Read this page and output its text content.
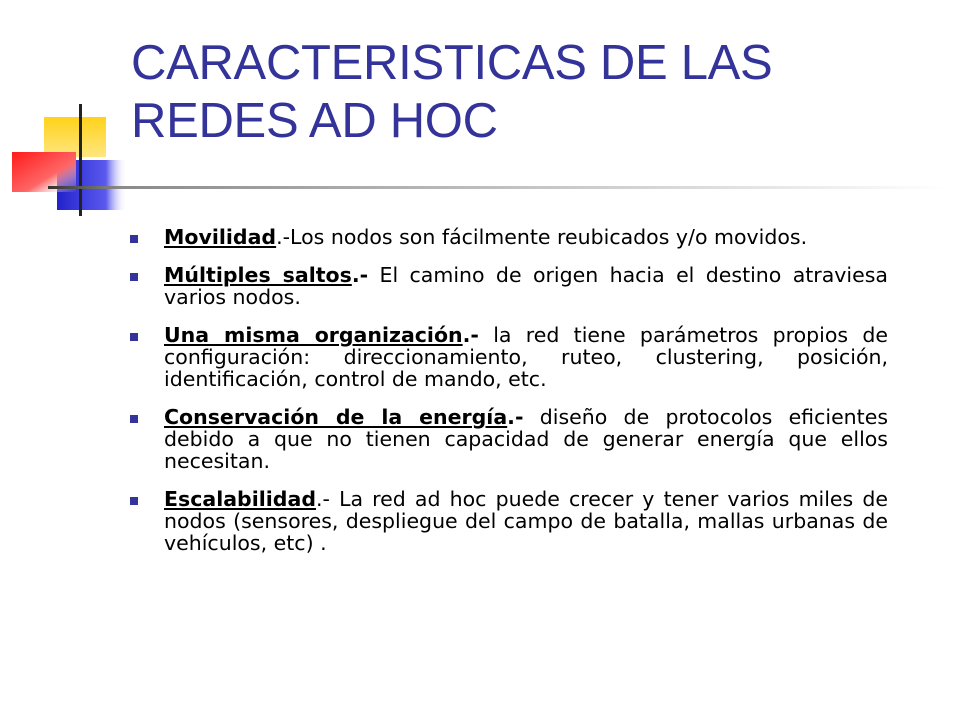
CARACTERISTICAS DE LAS
REDES AD HOC
Movilidad.-Los nodos son fácilmente reubicados y/o movidos.
Múltiples saltos.- El camino de origen hacia el destino atraviesa varios nodos.
Una misma organización.- la red tiene parámetros propios de configuración: direccionamiento, ruteo, clustering, posición, identificación, control de mando, etc.
Conservación de la energía.- diseño de protocolos eficientes debido a que no tienen capacidad de generar energía que ellos necesitan.
Escalabilidad.- La red ad hoc puede crecer y tener varios miles de nodos (sensores, despliegue del campo de batalla, mallas urbanas de vehículos, etc) .
